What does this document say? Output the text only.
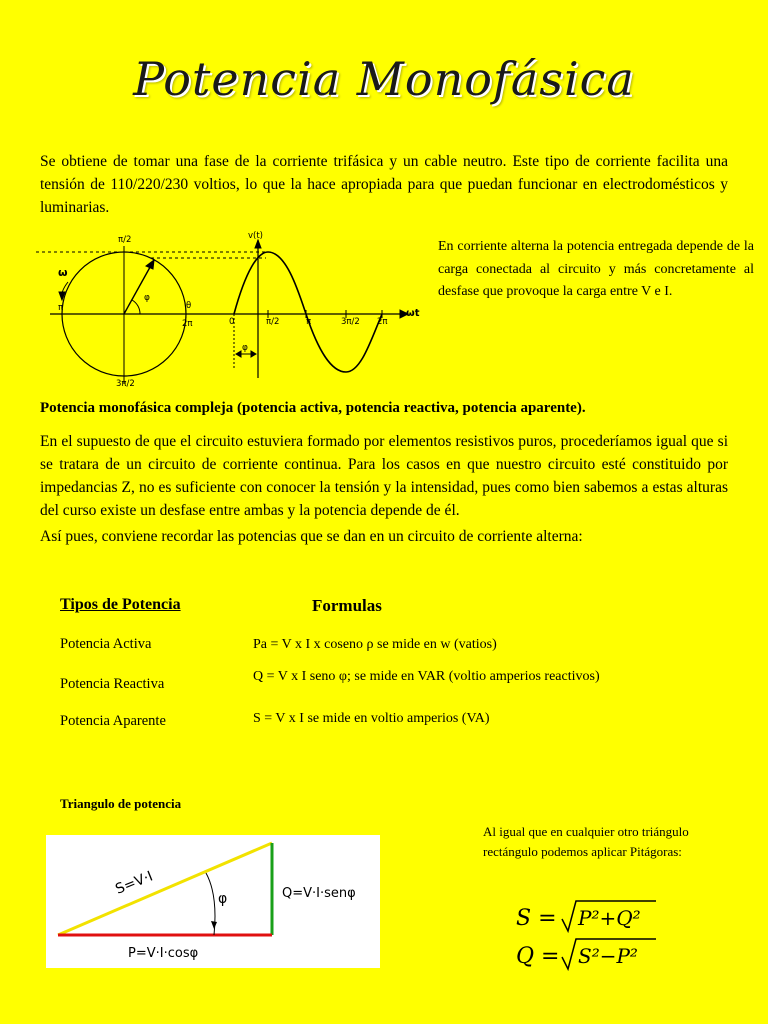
Potencia Monofásica
Se obtiene de tomar una fase de la corriente trifásica y un cable neutro. Este tipo de corriente facilita una tensión de 110/220/230 voltios, lo que la hace apropiada para que puedan funcionar en electrodomésticos y luminarias.
π/2	v(t)
ω
φ
θ
π
2π	0	π/2	π	3π/2 2π
ωt
φ
3π/2
En corriente alterna la potencia entregada depende de la carga conectada al circuito y más concretamente al desfase que provoque la carga entre V e I.
Potencia monofásica compleja (potencia activa, potencia reactiva, potencia aparente).
En el supuesto de que el circuito estuviera formado por elementos resistivos puros, procederíamos igual que si se tratara de un circuito de corriente continua. Para los casos en que nuestro circuito esté constituido por impedancias Z, no es suficiente con conocer la tensión y la intensidad, pues como bien sabemos a estas alturas del curso existe un desfase entre ambas y la potencia depende de él.
Así pues, conviene recordar las potencias que se dan en un circuito de corriente alterna:
Tipos de Potencia	Formulas
Potencia Activa	Pa = V x I x coseno ρ se mide en w (vatios)
Potencia Reactiva	Q = V x I seno φ; se mide en VAR (voltio amperios reactivos)
Potencia Aparente	S = V x I se mide en voltio amperios (VA)
Triangulo de potencia
S=V·I
φ	Q=V·I·senφ
P=V·I·cosφ
Al igual que en cualquier otro triángulo rectángulo podemos aplicar Pitágoras:
S = P²+Q²
Q = S²−P²
